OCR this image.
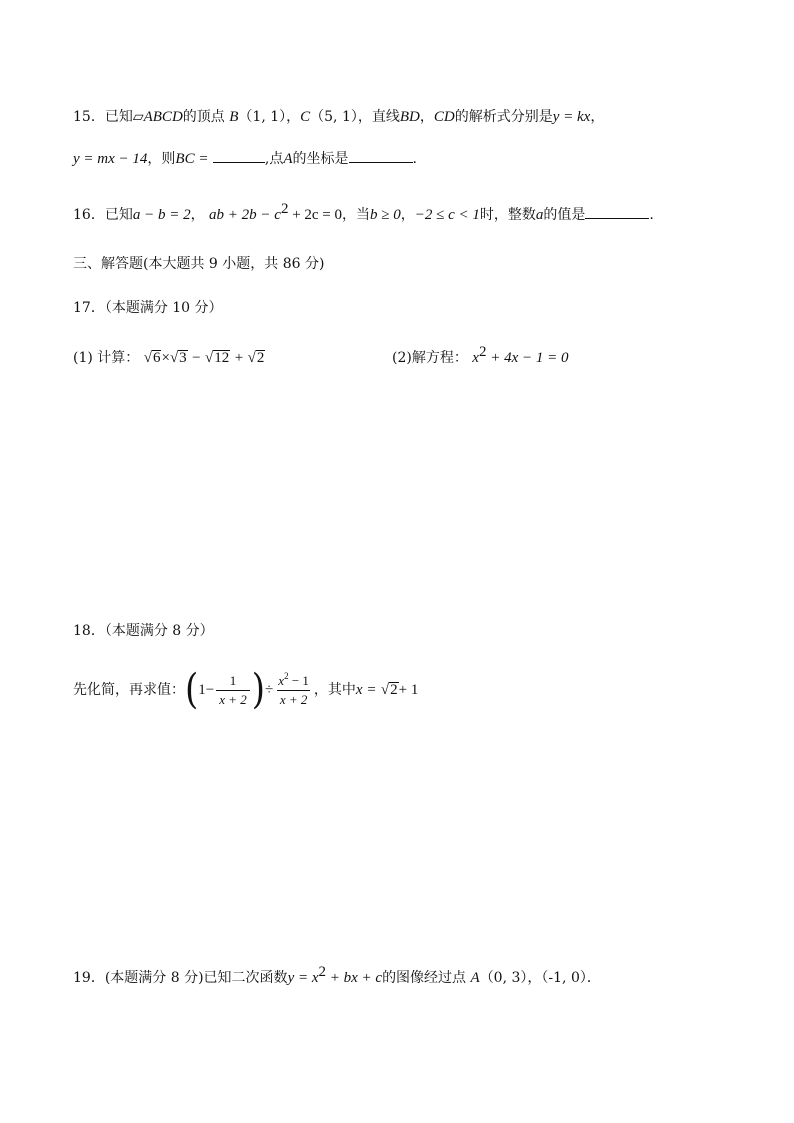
15．已知▱ABCD的顶点 B（1, 1），C（5, 1），直线BD，CD的解析式分别是y = kx，
y = mx − 14，则BC =	,点A的坐标是	.
16．已知a − b = 2， ab + $2b - c^2 + 2c = 0$，当b ≥ 0，−2 ≤ c < 1时，整数a的值是	.
三、解答题(本大题共 9 小题，共 86 分)
17．（本题满分 10 分）
(1) 计算： √ 6 × √ 3 − √ 12 + √ 2	(2)解方程： $x^2 + 4x - 1 = 0$
18．（本题满分 8 分）
先化简，再求值：($1- \frac{1}{x + 2}$ )÷ $\frac{x^2 - 1}{x + 2}$ ，其中x = √ 2 + 1
19．(本题满分 8 分)已知二次函数$y = x^2$ + bx + c的图像经过点 A（0, 3），（-1, 0）．
